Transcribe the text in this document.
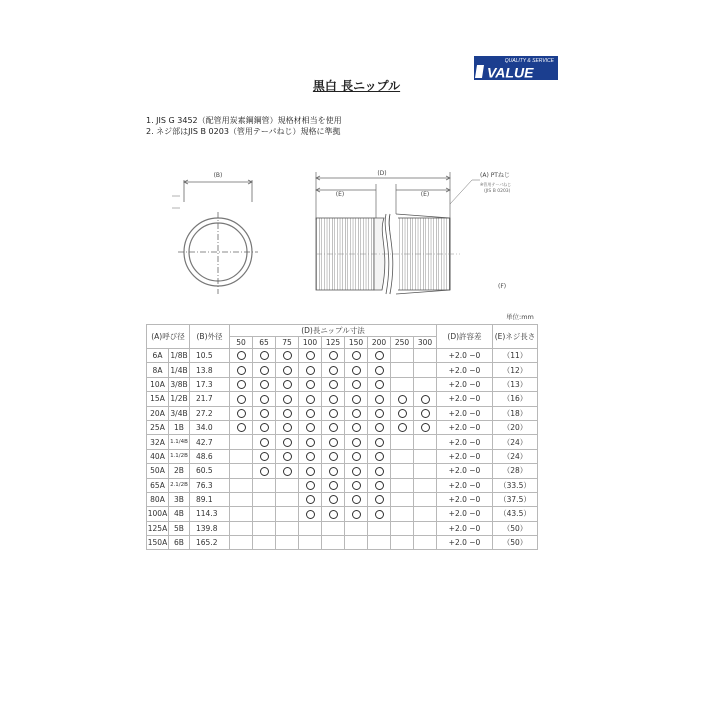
QUALITY & SERVICE
VALUE
黒白 長ニップル
1. JIS G 3452（配管用炭素鋼鋼管）規格材相当を使用
2. ネジ部はJIS B 0203（管用テーパねじ）規格に準拠
(B)	(D)
(E)	(E)
(A) PTねじ
※管用テーパねじ
(JIS B 0203)
(F)
単位:mm
(A)呼び径		(B)外径	(D)長ニップル寸法									(D)許容差	(E)ネジ長さ
			50	65	75	100	125	150	200	250	300		
6A	1/8B	10.5										+2.0 −0	（11）
8A	1/4B	13.8										+2.0 −0	（12）
10A	3/8B	17.3										+2.0 −0	（13）
15A	1/2B	21.7										+2.0 −0	（16）
20A	3/4B	27.2										+2.0 −0	（18）
25A	1B	34.0										+2.0 −0	（20）
32A	1.1/4B	42.7										+2.0 −0	（24）
40A	1.1/2B	48.6										+2.0 −0	（24）
50A	2B	60.5										+2.0 −0	（28）
65A	2.1/2B	76.3										+2.0 −0	（33.5）
80A	3B	89.1										+2.0 −0	（37.5）
100A	4B	114.3										+2.0 −0	（43.5）
125A	5B	139.8										+2.0 −0	（50）
150A	6B	165.2										+2.0 −0	（50）
